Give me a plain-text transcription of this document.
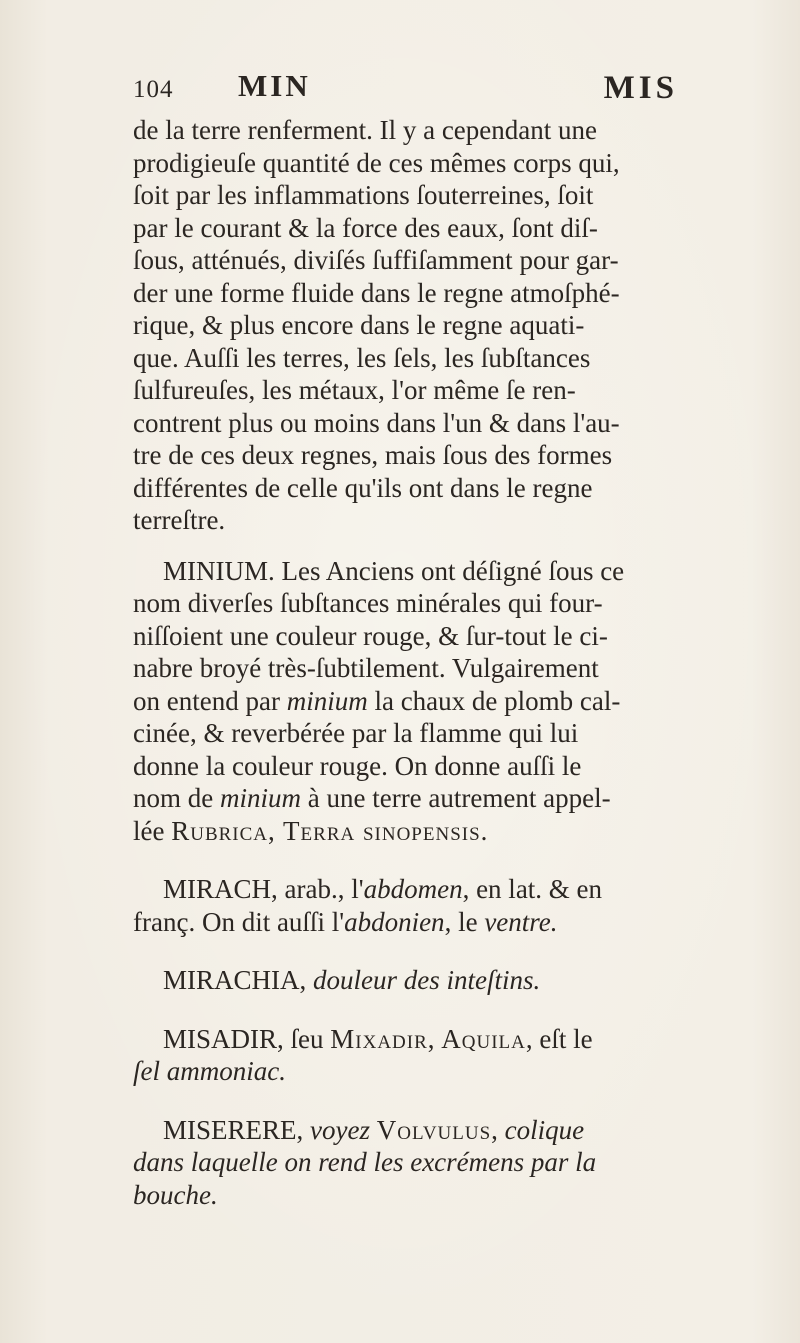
104 MIN	MIS

de la terre renferment. Il y a cependant une
prodigieuſe quantité de ces mêmes corps qui,
ſoit par les inflammations ſouterreines, ſoit
par le courant & la force des eaux, ſont diſ-
ſous, atténués, diviſés ſuffiſamment pour gar-
der une forme fluide dans le regne atmoſphé-
rique, & plus encore dans le regne aquati-
que. Auſſi les terres, les ſels, les ſubſtances
ſulfureuſes, les métaux, l'or même ſe ren-
contrent plus ou moins dans l'un & dans l'au-
tre de ces deux regnes, mais ſous des formes
différentes de celle qu'ils ont dans le regne
terreſtre.

MINIUM. Les Anciens ont déſigné ſous ce
nom diverſes ſubſtances minérales qui four-
niſſoient une couleur rouge, & ſur-tout le ci-
nabre broyé très-ſubtilement. Vulgairement
on entend par minium la chaux de plomb cal-
cinée, & reverbérée par la flamme qui lui
donne la couleur rouge. On donne auſſi le
nom de minium à une terre autrement appel-
lée Rubrica, Terra sinopensis.

MIRACH, arab., l'abdomen, en lat. & en
franç. On dit auſſi l'abdonien, le ventre.

MIRACHIA, douleur des inteſtins.

MISADIR, ſeu Mixadir, Aquila, eſt le
ſel ammoniac.

MISERERE, voyez Volvulus, colique
dans laquelle on rend les excrémens par la
bouche.
